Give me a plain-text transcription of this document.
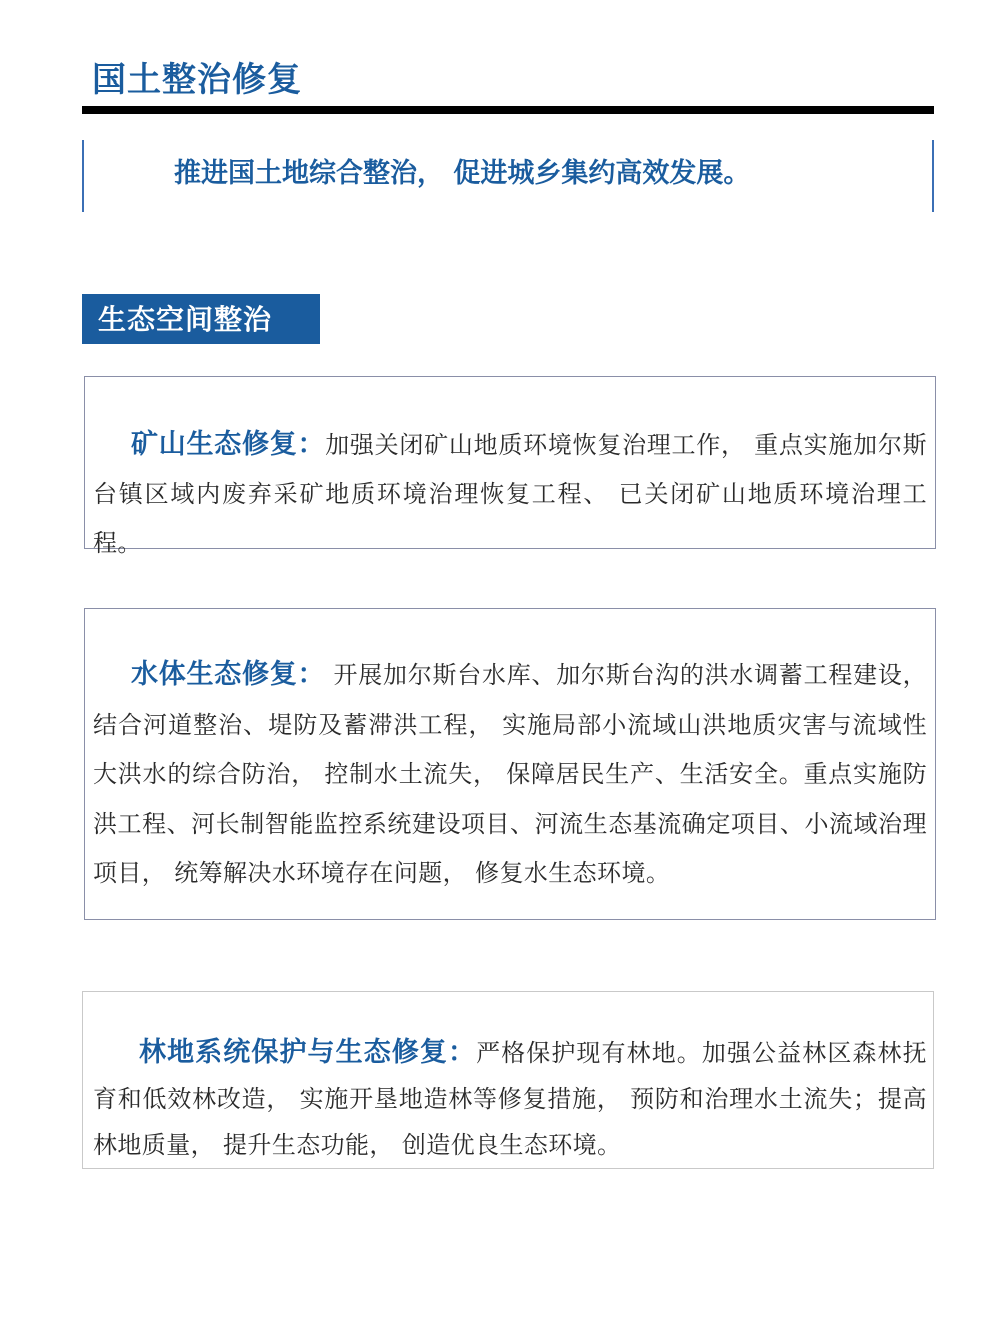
国土整治修复
推进国土地综合整治， 促进城乡集约高效发展。
生态空间整治

矿山生态修复：加强关闭矿山地质环境恢复治理工作， 重点实施加尔斯台镇区域内废弃采矿地质环境治理恢复工程、 已关闭矿山地质环境治理工程。

水体生态修复： 开展加尔斯台水库、加尔斯台沟的洪水调蓄工程建设， 结合河道整治、堤防及蓄滞洪工程， 实施局部小流域山洪地质灾害与流域性大洪水的综合防治， 控制水土流失， 保障居民生产、生活安全。重点实施防洪工程、河长制智能监控系统建设项目、河流生态基流确定项目、小流域治理项目， 统筹解决水环境存在问题， 修复水生态环境。

林地系统保护与生态修复：严格保护现有林地。加强公益林区森林抚育和低效林改造， 实施开垦地造林等修复措施， 预防和治理水土流失；提高林地质量， 提升生态功能， 创造优良生态环境。
